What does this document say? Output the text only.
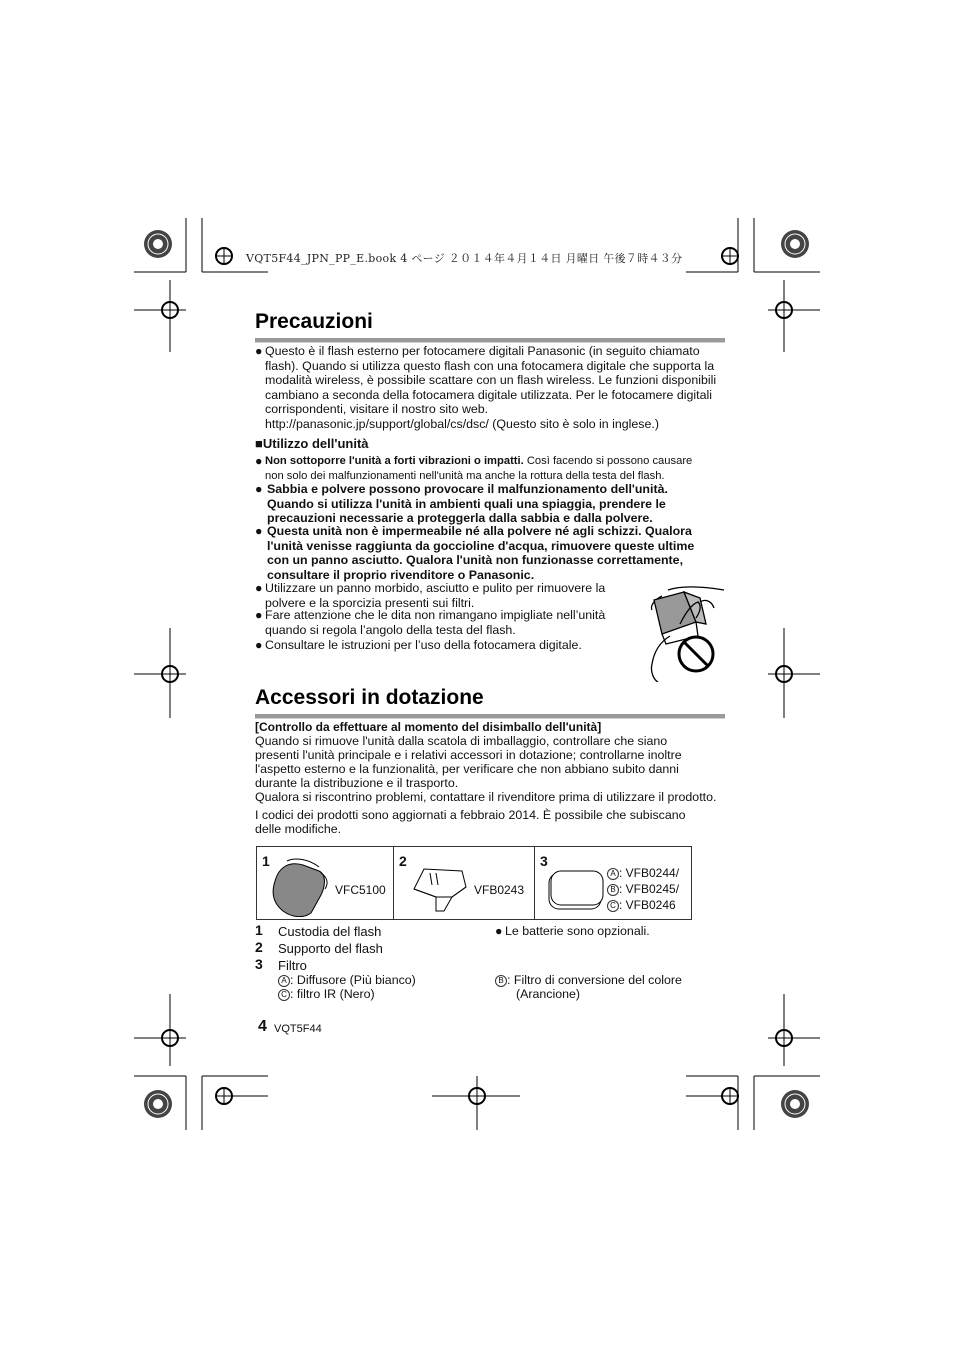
VQT5F44_JPN_PP_E.book 4 ページ ２０１４年４月１４日 月曜日 午後７時４３分
Precauzioni
● Questo è il flash esterno per fotocamere digitali Panasonic (in seguito chiamato flash). Quando si utilizza questo flash con una fotocamera digitale che supporta la modalità wireless, è possibile scattare con un flash wireless. Le funzioni disponibili cambiano a seconda della fotocamera digitale utilizzata. Per le fotocamere digitali corrispondenti, visitare il nostro sito web.
http://panasonic.jp/support/global/cs/dsc/ (Questo sito è solo in inglese.)
■Utilizzo dell'unità
● Non sottoporre l'unità a forti vibrazioni o impatti. Così facendo si possono causare
non solo dei malfunzionamenti nell'unità ma anche la rottura della testa del flash.
● Sabbia e polvere possono provocare il malfunzionamento dell'unità.
Quando si utilizza l'unità in ambienti quali una spiaggia, prendere le
precauzioni necessarie a proteggerla dalla sabbia e dalla polvere.
● Questa unità non è impermeabile né alla polvere né agli schizzi. Qualora
l'unità venisse raggiunta da goccioline d'acqua, rimuovere queste ultime
con un panno asciutto. Qualora l'unità non funzionasse correttamente,
consultare il proprio rivenditore o Panasonic.
● Utilizzare un panno morbido, asciutto e pulito per rimuovere la
polvere e la sporcizia presenti sui filtri.
● Fare attenzione che le dita non rimangano impigliate nell’unità
quando si regola l’angolo della testa del flash.
● Consultare le istruzioni per l’uso della fotocamera digitale.
Accessori in dotazione
[Controllo da effettuare al momento del disimballo dell'unità]
Quando si rimuove l'unità dalla scatola di imballaggio, controllare che siano
presenti l'unità principale e i relativi accessori in dotazione; controllarne inoltre
l'aspetto esterno e la funzionalità, per verificare che non abbiano subito danni
durante la distribuzione e il trasporto.
Qualora si riscontrino problemi, contattare il rivenditore prima di utilizzare il prodotto.
I codici dei prodotti sono aggiornati a febbraio 2014. È possibile che subiscano
delle modifiche.
1
VFC5100

2
VFB0243

3
A : VFB0244/
B : VFB0245/
C : VFB0246
1 Custodia del flash
2 Supporto del flash
3 Filtro
● Le batterie sono opzionali.
A : Diffusore (Più bianco)
C : filtro IR (Nero)
B : Filtro di conversione del colore
(Arancione)
4 VQT5F44
